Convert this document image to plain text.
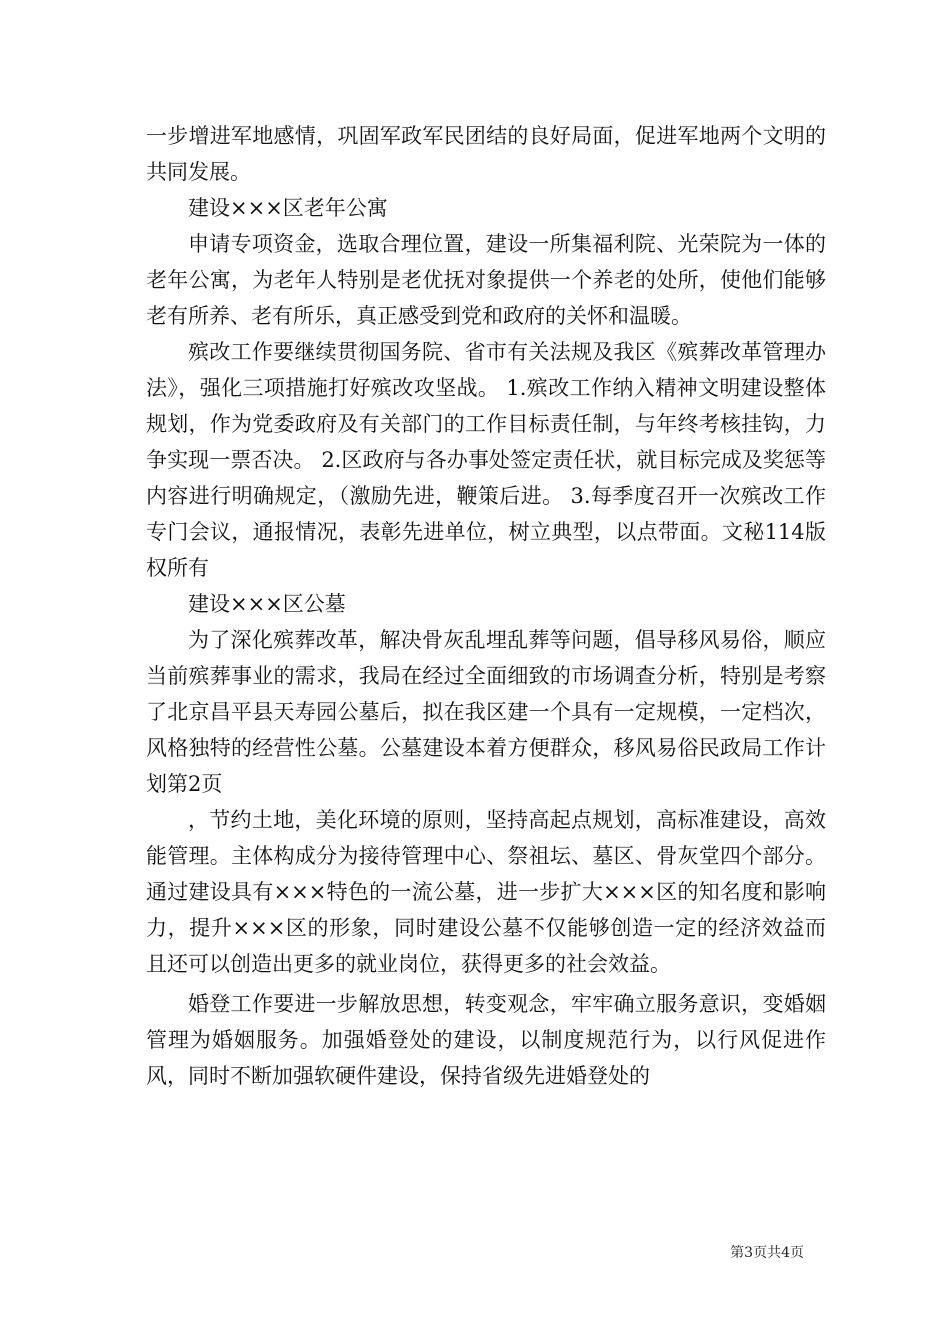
一步增进军地感情，巩固军政军民团结的良好局面，促进军地两个文明的共同发展。

建设×××区老年公寓

申请专项资金，选取合理位置，建设一所集福利院、光荣院为一体的老年公寓，为老年人特别是老优抚对象提供一个养老的处所，使他们能够老有所养、老有所乐，真正感受到党和政府的关怀和温暖。

殡改工作要继续贯彻国务院、省市有关法规及我区《殡葬改革管理办法》，强化三项措施打好殡改攻坚战。 1.殡改工作纳入精神文明建设整体规划，作为党委政府及有关部门的工作目标责任制，与年终考核挂钩，力争实现一票否决。 2.区政府与各办事处签定责任状，就目标完成及奖惩等内容进行明确规定，（激励先进，鞭策后进。 3.每季度召开一次殡改工作专门会议，通报情况，表彰先进单位，树立典型，以点带面。文秘114版权所有

建设×××区公墓

为了深化殡葬改革，解决骨灰乱埋乱葬等问题，倡导移风易俗，顺应当前殡葬事业的需求，我局在经过全面细致的市场调查分析，特别是考察了北京昌平县天寿园公墓后，拟在我区建一个具有一定规模，一定档次，风格独特的经营性公墓。公墓建设本着方便群众，移风易俗民政局工作计划第2页

，节约土地，美化环境的原则，坚持高起点规划，高标准建设，高效能管理。主体构成分为接待管理中心、祭祖坛、墓区、骨灰堂四个部分。通过建设具有×××特色的一流公墓，进一步扩大×××区的知名度和影响力，提升×××区的形象，同时建设公墓不仅能够创造一定的经济效益而且还可以创造出更多的就业岗位，获得更多的社会效益。

婚登工作要进一步解放思想，转变观念，牢牢确立服务意识，变婚姻管理为婚姻服务。加强婚登处的建设，以制度规范行为，以行风促进作风，同时不断加强软硬件建设，保持省级先进婚登处的

第3页共4页
